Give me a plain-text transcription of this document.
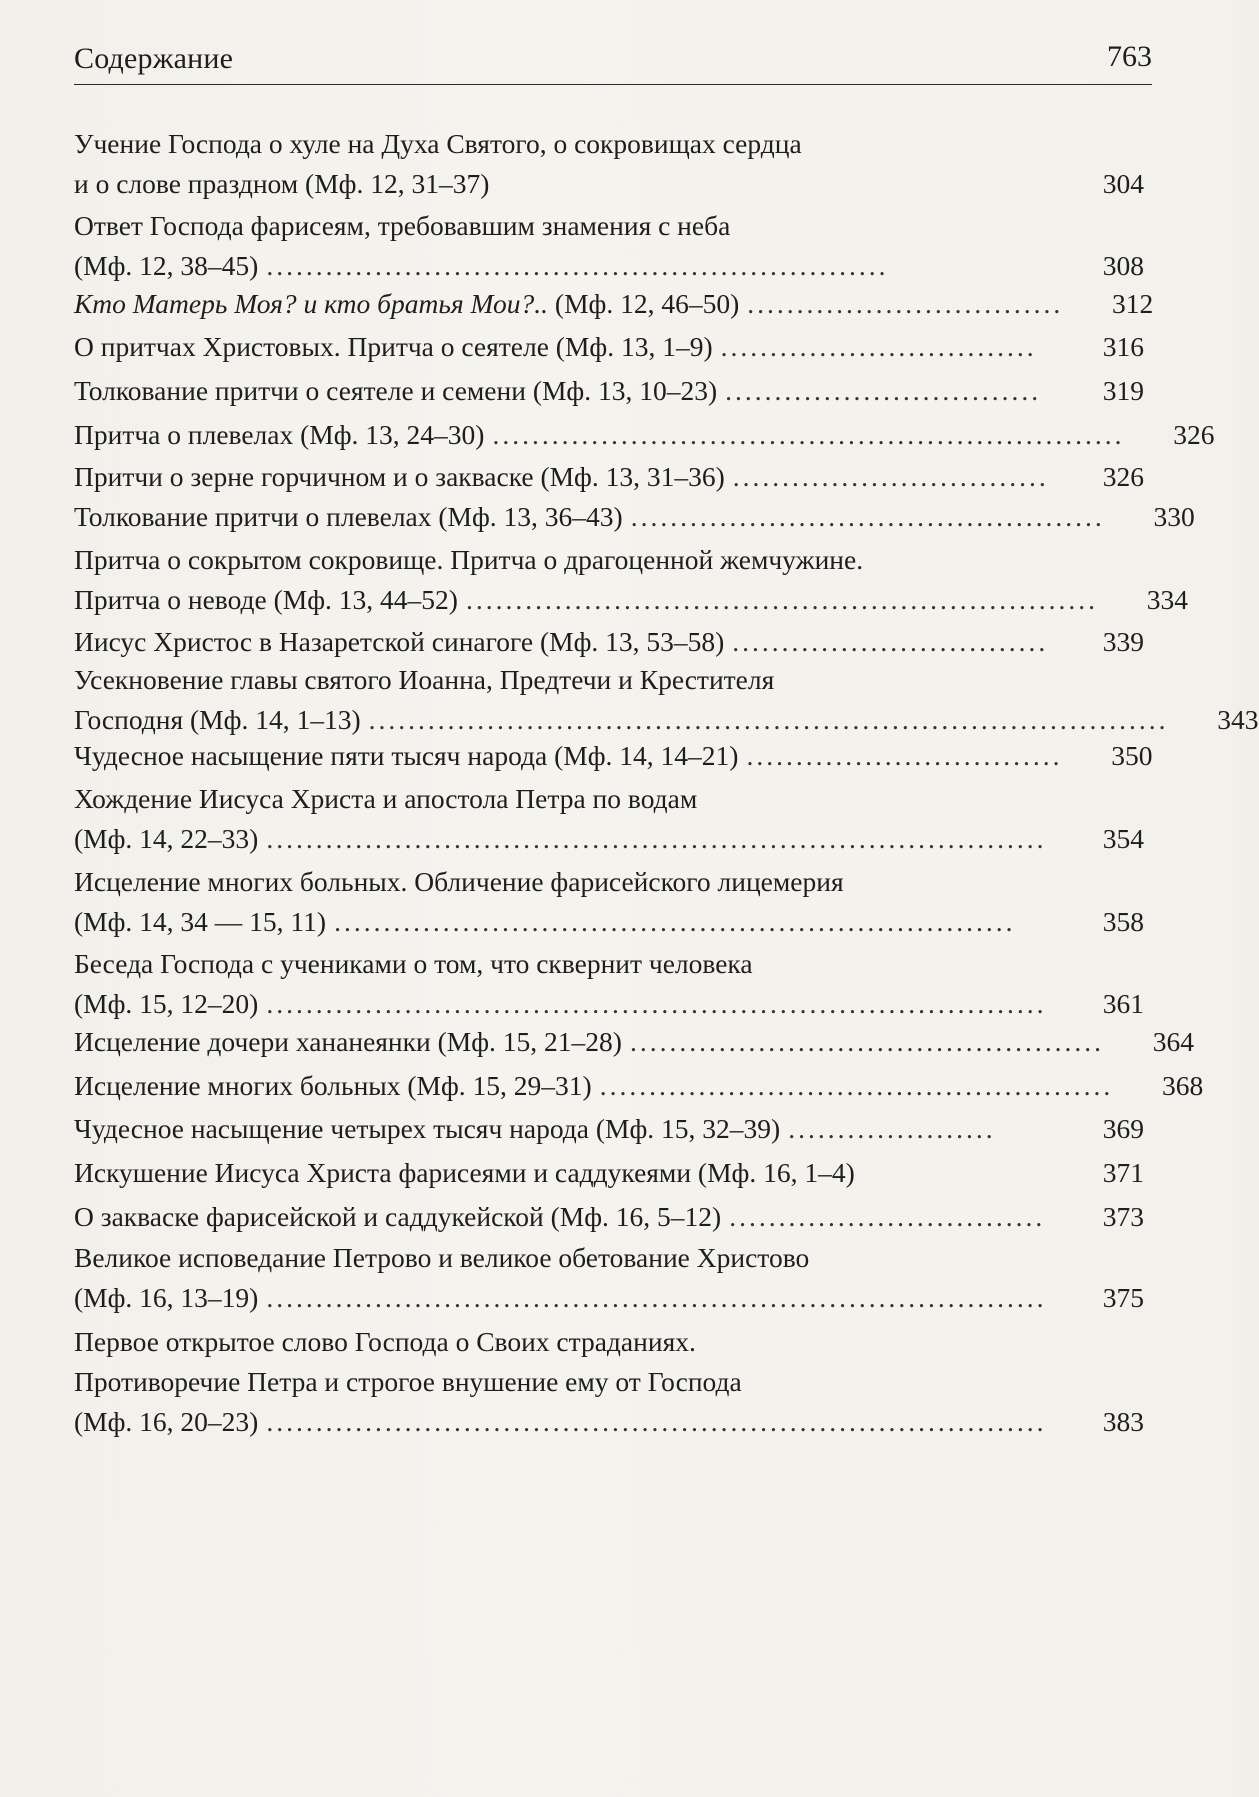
Содержание	763
Учение Господа о хуле на Духа Святого, о сокровищах сердца
и о слове праздном (Мф. 12, 31–37)	304
Ответ Господа фарисеям, требовавшим знамения с неба
(Мф. 12, 38–45) ...............................................................	308
Кто Матерь Моя? и кто братья Мои?.. (Мф. 12, 46–50) ................................	312
О притчах Христовых. Притча о сеятеле (Мф. 13, 1–9) ................................	316
Толкование притчи о сеятеле и семени (Мф. 13, 10–23) ................................	319
Притча о плевелах (Мф. 13, 24–30) ................................................................	326
Притчи о зерне горчичном и о закваске (Мф. 13, 31–36) ................................	326
Толкование притчи о плевелах (Мф. 13, 36–43) ................................................	330
Притча о сокрытом сокровище. Притча о драгоценной жемчужине.
Притча о неводе (Мф. 13, 44–52) ................................................................	334
Иисус Христос в Назаретской синагоге (Мф. 13, 53–58) ................................	339
Усекновение главы святого Иоанна, Предтечи и Крестителя
Господня (Мф. 14, 1–13) .................................................................................	343
Чудесное насыщение пяти тысяч народа (Мф. 14, 14–21) ................................	350
Хождение Иисуса Христа и апостола Петра по водам
(Мф. 14, 22–33) ...............................................................................	354
Исцеление многих больных. Обличение фарисейского лицемерия
(Мф. 14, 34 — 15, 11) .....................................................................	358
Беседа Господа с учениками о том, что сквернит человека
(Мф. 15, 12–20) ...............................................................................	361
Исцеление дочери хананеянки (Мф. 15, 21–28) ................................................	364
Исцеление многих больных (Мф. 15, 29–31) ....................................................	368
Чудесное насыщение четырех тысяч народа (Мф. 15, 32–39) .....................	369
Искушение Иисуса Христа фарисеями и саддукеями (Мф. 16, 1–4)	371
О закваске фарисейской и саддукейской (Мф. 16, 5–12) ................................	373
Великое исповедание Петрово и великое обетование Христово
(Мф. 16, 13–19) ...............................................................................	375
Первое открытое слово Господа о Своих страданиях.
Противоречие Петра и строгое внушение ему от Господа
(Мф. 16, 20–23) ...............................................................................	383
